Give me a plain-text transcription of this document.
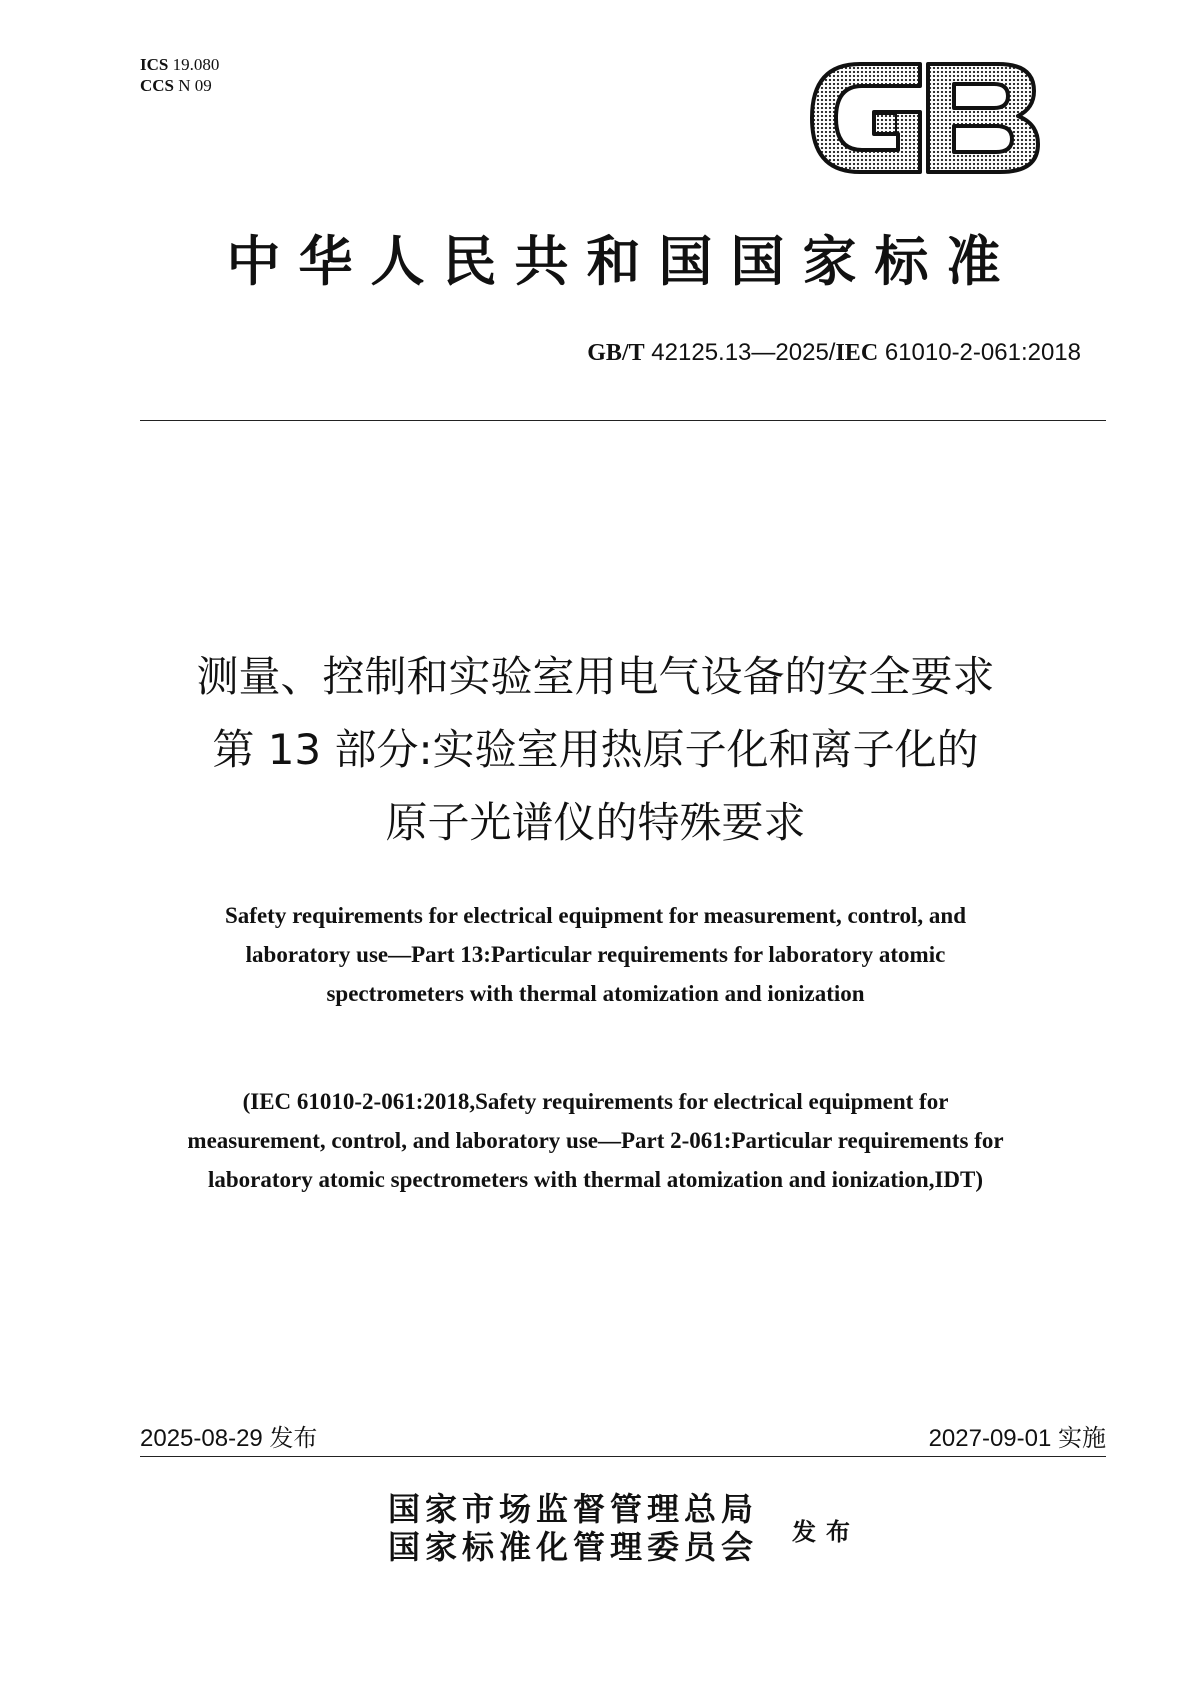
ICS 19.080
CCS N 09
中华人民共和国国家标准
GB/T 42125.13—2025/IEC 61010-2-061:2018
测量、控制和实验室用电气设备的安全要求
第 13 部分:实验室用热原子化和离子化的
原子光谱仪的特殊要求
Safety requirements for electrical equipment for measurement, control, and
laboratory use—Part 13:Particular requirements for laboratory atomic
spectrometers with thermal atomization and ionization
(IEC 61010-2-061:2018,Safety requirements for electrical equipment for
measurement, control, and laboratory use—Part 2-061:Particular requirements for
laboratory atomic spectrometers with thermal atomization and ionization,IDT)
2025-08-29 发布	2027-09-01 实施
国家市场监督管理总局
国家标准化管理委员会 发布
